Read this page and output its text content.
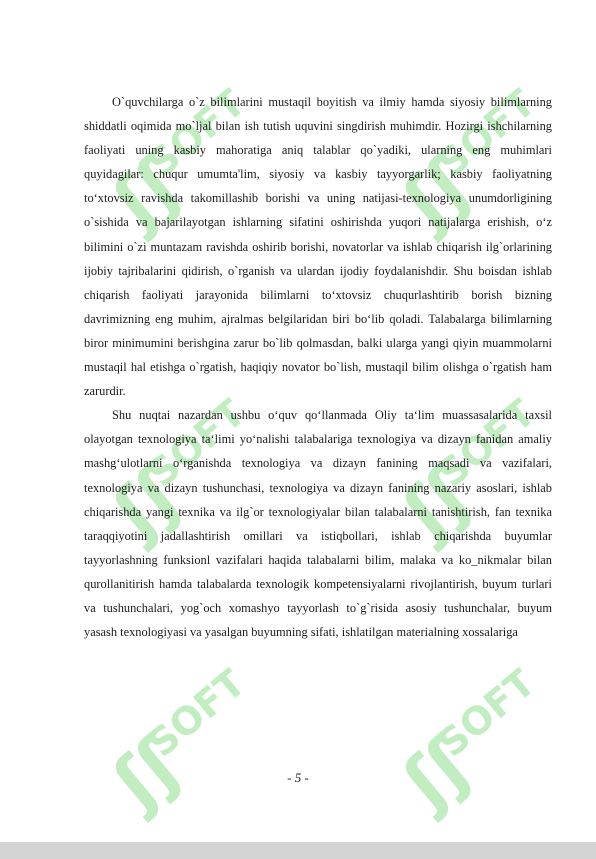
ʃʃ
SOFT
ʃʃ
SOFT
ʃʃ
SOFT
ʃʃ
SOFT
ʃʃ
SOFT
ʃʃ
SOFT

O`quvchilarga o`z bilimlarini mustaqil boyitish va ilmiy hamda siyosiy bilimlarning shiddatli oqimida mo`ljal bilan ish tutish uquvini singdirish muhimdir. Hozirgi ishchilarning faoliyati uning kasbiy mahoratiga aniq talablar qo`yadiki, ularning eng muhimlari quyidagilar: chuqur umumta'lim, siyosiy va kasbiy tayyorgarlik; kasbiy faoliyatning to‘xtovsiz ravishda takomillashib borishi va uning natijasi-texnologiya unumdorligining o`sishida va bajarilayotgan ishlarning sifatini oshirishda yuqori natijalarga erishish, o‘z bilimini o`zi muntazam ravishda oshirib borishi, novatorlar va ishlab chiqarish ilg`orlarining ijobiy tajribalarini qidirish, o`rganish va ulardan ijodiy foydalanishdir. Shu boisdan ishlab chiqarish faoliyati jarayonida bilimlarni to‘xtovsiz chuqurlashtirib borish bizning davrimizning eng muhim, ajralmas belgilaridan biri bo‘lib qoladi. Talabalarga bilimlarning biror minimumini berishgina zarur bo`lib qolmasdan, balki ularga yangi qiyin muammolarni mustaqil hal etishga o`rgatish, haqiqiy novator bo`lish, mustaqil bilim olishga o`rgatish ham zarurdir.

Shu nuqtai nazardan ushbu o‘quv qo‘llanmada Oliy ta‘lim muassasalarida taxsil olayotgan texnologiya ta‘limi yo‘nalishi talabalariga texnologiya va dizayn fanidan amaliy mashg‘ulotlarni o‘rganishda texnologiya va dizayn fanining maqsadi va vazifalari, texnologiya va dizayn tushunchasi, texnologiya va dizayn fanining nazariy asoslari, ishlab chiqarishda yangi texnika va ilg`or texnologiyalar bilan talabalarni tanishtirish, fan texnika taraqqiyotini jadallashtirish omillari va istiqbollari, ishlab chiqarishda buyumlar tayyorlashning funksionl vazifalari haqida talabalarni bilim, malaka va ko_nikmalar bilan qurollanitirish hamda talabalarda texnologik kompetensiyalarni rivojlantirish, buyum turlari va tushunchalari, yog`och xomashyo tayyorlash to`g`risida asosiy tushunchalar, buyum yasash texnologiyasi va yasalgan buyumning sifati, ishlatilgan materialning xossalariga

- 5 -
